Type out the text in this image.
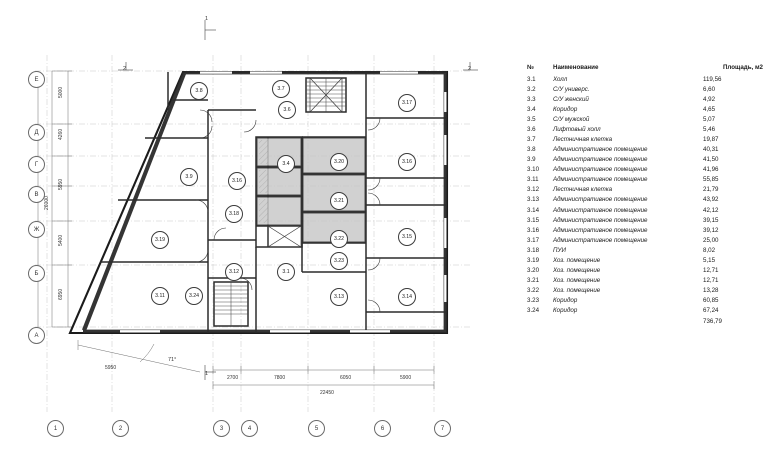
3.8	3.7
3.6
3.17
3.9
3.16
3.20	3.16
3.4
3.21
3.18
3.19	3.15
3.22
3.23
3.12	3.1
3.11	3.24	3.13	3.14
1	2	3	4	5	6	7
Е
Д
Г
В
Ж
Б
А
5000
4260
5950
5400
6950
26000
2700	7800	6050	5900
22450
5950
1
2	2
1
71°
№	Наименование	Площадь, м2
3.1	Холл	119,56
3.2	С/У универс.	6,60
3.3	С/У женский	4,92
3.4	Коридор	4,65
3.5	С/У мужской	5,07
3.6	Лифтовый холл	5,46
3.7	Лестничная клетка	19,87
3.8	Административное помещение	40,31
3.9	Административное помещение	41,50
3.10	Административное помещение	41,96
3.11	Административное помещение	55,85
3.12	Лестничная клетка	21,79
3.13	Административное помещение	43,92
3.14	Административное помещение	42,12
3.15	Административное помещение	39,15
3.16	Административное помещение	39,12
3.17	Административное помещение	25,00
3.18	ПУИ	8,02
3.19	Хоз. помещение	5,15
3.20	Хоз. помещение	12,71
3.21	Хоз. помещение	12,71
3.22	Хоз. помещение	13,28
3.23	Коридор	60,85
3.24	Коридор	67,24
		736,79
